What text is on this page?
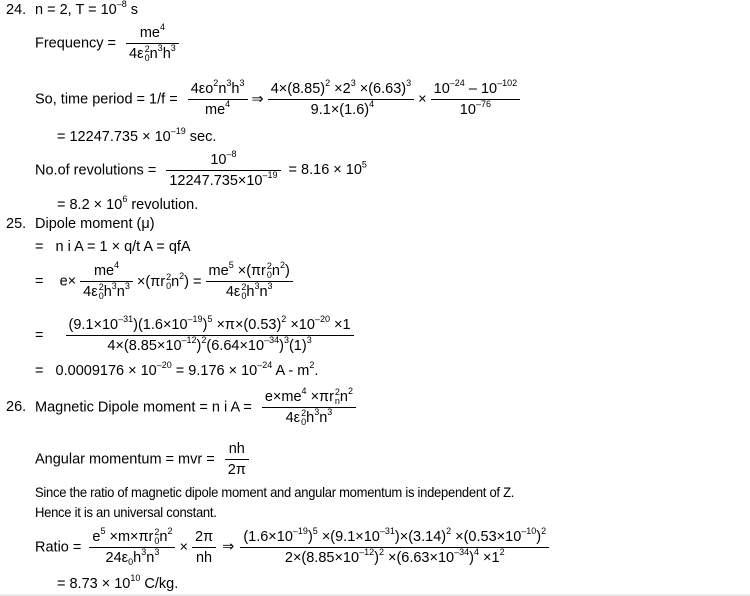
24. n = 2, $T = 10^{-8}$ s
Frequency = $me^4$
4ε 2
0 $n^3h^3$
So, time period = $1/f = \frac{4\varepsilon o^2n^3h^3}{me^4}$ ⇒ $\frac{4\times(8.85)^2 \times 2^3 \times(6.63)^3}{9.1\times(1.6)^4} \times \frac{10^{-24} - 10^{-102}}{10^{-76}}$
= $12247.735 \times 10^{-19}$ sec.
No.of revolutions = $\frac{10^{-8}}{12247.735\times 10^{-19}} = 8.16 \times 10^5$
= $8.2 \times 10^6$ revolution.
25. Dipole moment (μ)
=   n i A = 1 × q/t A = qfA
=    $e\times me^4$
4ε 2
0 $h^3n^3 \times(\pi r$ 2
0 $n^2) = me^5 \times(\pi r$ 2
0 $n^2$)
4ε 2
0 $h^3n^3$
= $\frac{(9.1\times 10^{-31})(1.6\times 10^{-19})^5 \times\pi\times(0.53)^2 \times 10^{-20} \times 1}{4\times(8.85\times 10^{-12})^2(6.64\times 10^{-34})^3(1)^3}$
=   $0.0009176 \times 10^{-20} = 9.176 \times 10^{-24}$ A - $m^2$.
26. Magnetic Dipole moment = n i $A = e\times me^4 \times\pi r$ 2
n $n^2$
4ε 2
0 $h^3n^3$
Angular momentum = mvr = $\frac{nh}{2\pi}$
Since the ratio of magnetic dipole moment and angular momentum is independent of Z.
Hence it is an universal constant.
Ratio = $e^5 \times m\times\pi r$ 2
0 $n^2$
$24\varepsilon_0h^3n^3 \times \frac{2\pi}{nh}$ ⇒ $\frac{(1.6\times 10^{-19})^5 \times(9.1\times 10^{-31})\times(3.14)^2 \times(0.53\times 10^{-10})^2}{2\times(8.85\times 10^{-12})^2 \times(6.63\times 10^{-34})^4 \times 1^2}$
= $8.73 \times 10^{10}$ C/kg.
